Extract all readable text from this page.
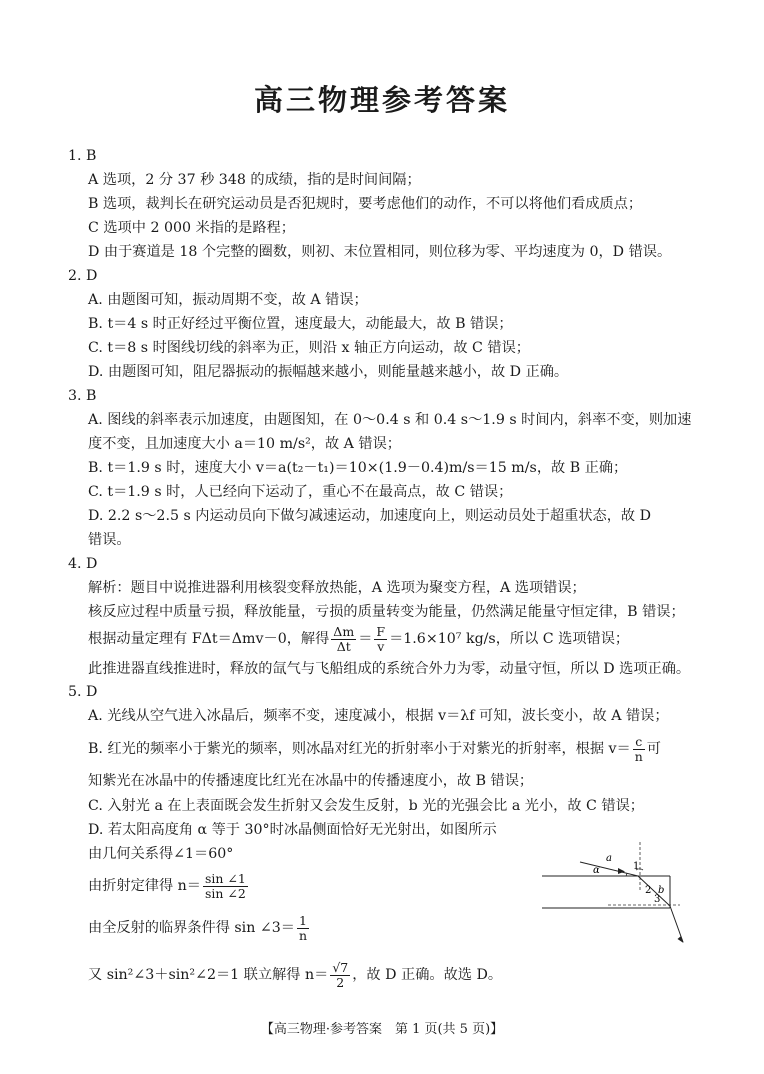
高三物理参考答案
1. B
A 选项，2 分 37 秒 348 的成绩，指的是时间间隔；
B 选项，裁判长在研究运动员是否犯规时，要考虑他们的动作，不可以将他们看成质点；
C 选项中 2 000 米指的是路程；
D 由于赛道是 18 个完整的圈数，则初、末位置相同，则位移为零、平均速度为 0，D 错误。
2. D
A. 由题图可知，振动周期不变，故 A 错误；
B. t＝4 s 时正好经过平衡位置，速度最大，动能最大，故 B 错误；
C. t＝8 s 时图线切线的斜率为正，则沿 x 轴正方向运动，故 C 错误；
D. 由题图可知，阻尼器振动的振幅越来越小，则能量越来越小，故 D 正确。
3. B
A. 图线的斜率表示加速度，由题图知，在 0～0.4 s 和 0.4 s～1.9 s 时间内，斜率不变，则加速
度不变，且加速度大小 a＝10 m/s²，故 A 错误；
B. t＝1.9 s 时，速度大小 v＝a(t₂－t₁)＝10×(1.9－0.4)m/s＝15 m/s，故 B 正确；
C. t＝1.9 s 时，人已经向下运动了，重心不在最高点，故 C 错误；
D. 2.2 s～2.5 s 内运动员向下做匀减速运动，加速度向上，则运动员处于超重状态，故 D
错误。
4. D
解析：题目中说推进器利用核裂变释放热能，A 选项为聚变方程，A 选项错误；
核反应过程中质量亏损，释放能量，亏损的质量转变为能量，仍然满足能量守恒定律，B 错误；
根据动量定理有 FΔt＝Δmv－0，解得 $\frac{\Delta m}{\Delta t} = \frac{F}{v} =1.6\times 10^7$ kg/s，所以 C 选项错误；
此推进器直线推进时，释放的氙气与飞船组成的系统合外力为零，动量守恒，所以 D 选项正确。
5. D
A. 光线从空气进入冰晶后，频率不变，速度减小，根据 v＝λf 可知，波长变小，故 A 错误；
B. 红光的频率小于紫光的频率，则冰晶对红光的折射率小于对紫光的折射率，根据 $v= \frac{c}{n}$ 可
知紫光在冰晶中的传播速度比红光在冰晶中的传播速度小，故 B 错误；
C. 入射光 a 在上表面既会发生折射又会发生反射，b 光的光强会比 a 光小，故 C 错误；
D. 若太阳高度角 α 等于 30°时冰晶侧面恰好无光射出，如图所示
由几何关系得∠1＝60°
由折射定律得 $n= \frac{\sin \angle 1}{\sin \angle 2}$
由全反射的临界条件得 sin ∠3＝ $\frac{1}{n}$
又 sin²∠3＋sin²∠2＝1 联立解得 $n= \frac{√7}{2}$ ，故 D 正确。故选 D。
a
α	1
2
3
b
【高三物理·参考答案　第 1 页(共 5 页)】
